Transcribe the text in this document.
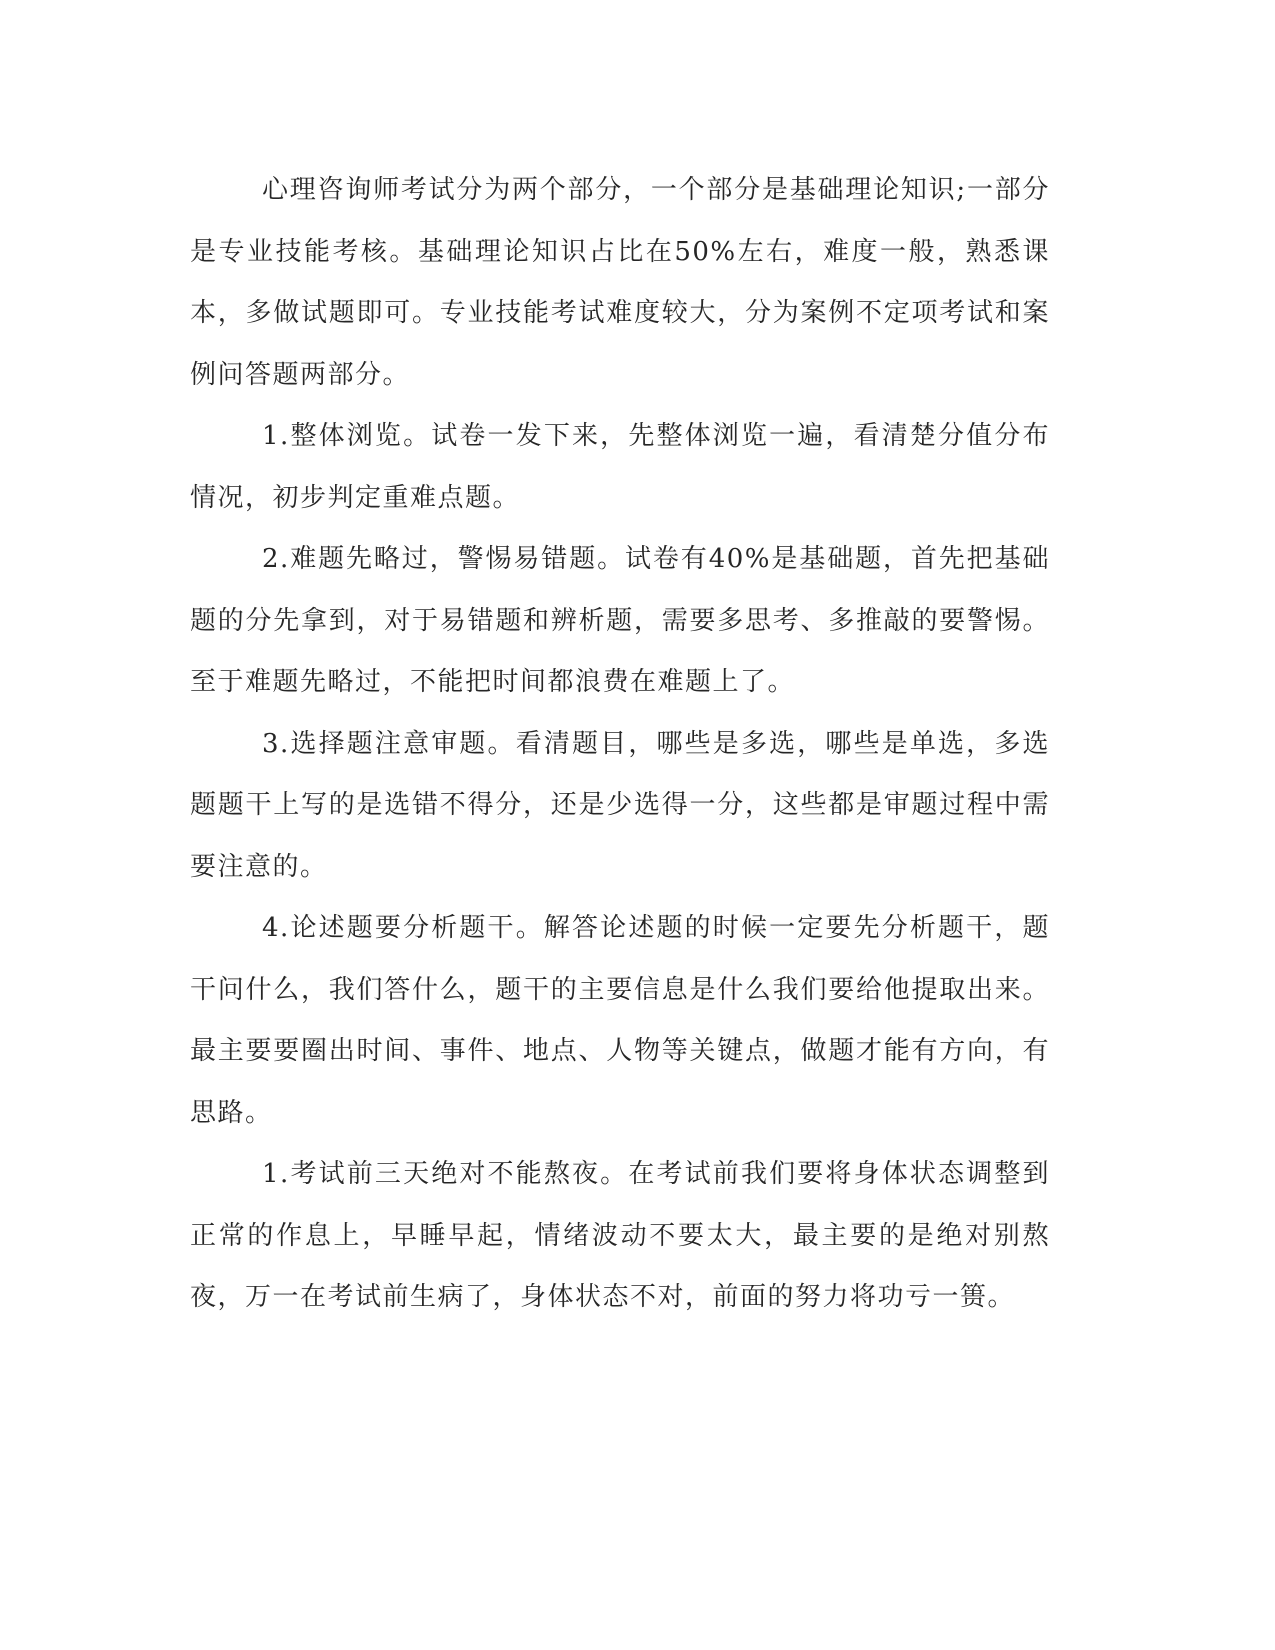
心理咨询师考试分为两个部分，一个部分是基础理论知识;一部分是专业技能考核。基础理论知识占比在50%左右，难度一般，熟悉课本，多做试题即可。专业技能考试难度较大，分为案例不定项考试和案例问答题两部分。

1.整体浏览。试卷一发下来，先整体浏览一遍，看清楚分值分布情况，初步判定重难点题。

2.难题先略过，警惕易错题。试卷有40%是基础题，首先把基础题的分先拿到，对于易错题和辨析题，需要多思考、多推敲的要警惕。至于难题先略过，不能把时间都浪费在难题上了。

3.选择题注意审题。看清题目，哪些是多选，哪些是单选，多选题题干上写的是选错不得分，还是少选得一分，这些都是审题过程中需要注意的。

4.论述题要分析题干。解答论述题的时候一定要先分析题干，题干问什么，我们答什么，题干的主要信息是什么我们要给他提取出来。最主要要圈出时间、事件、地点、人物等关键点，做题才能有方向，有思路。

1.考试前三天绝对不能熬夜。在考试前我们要将身体状态调整到正常的作息上，早睡早起，情绪波动不要太大，最主要的是绝对别熬夜，万一在考试前生病了，身体状态不对，前面的努力将功亏一篑。
